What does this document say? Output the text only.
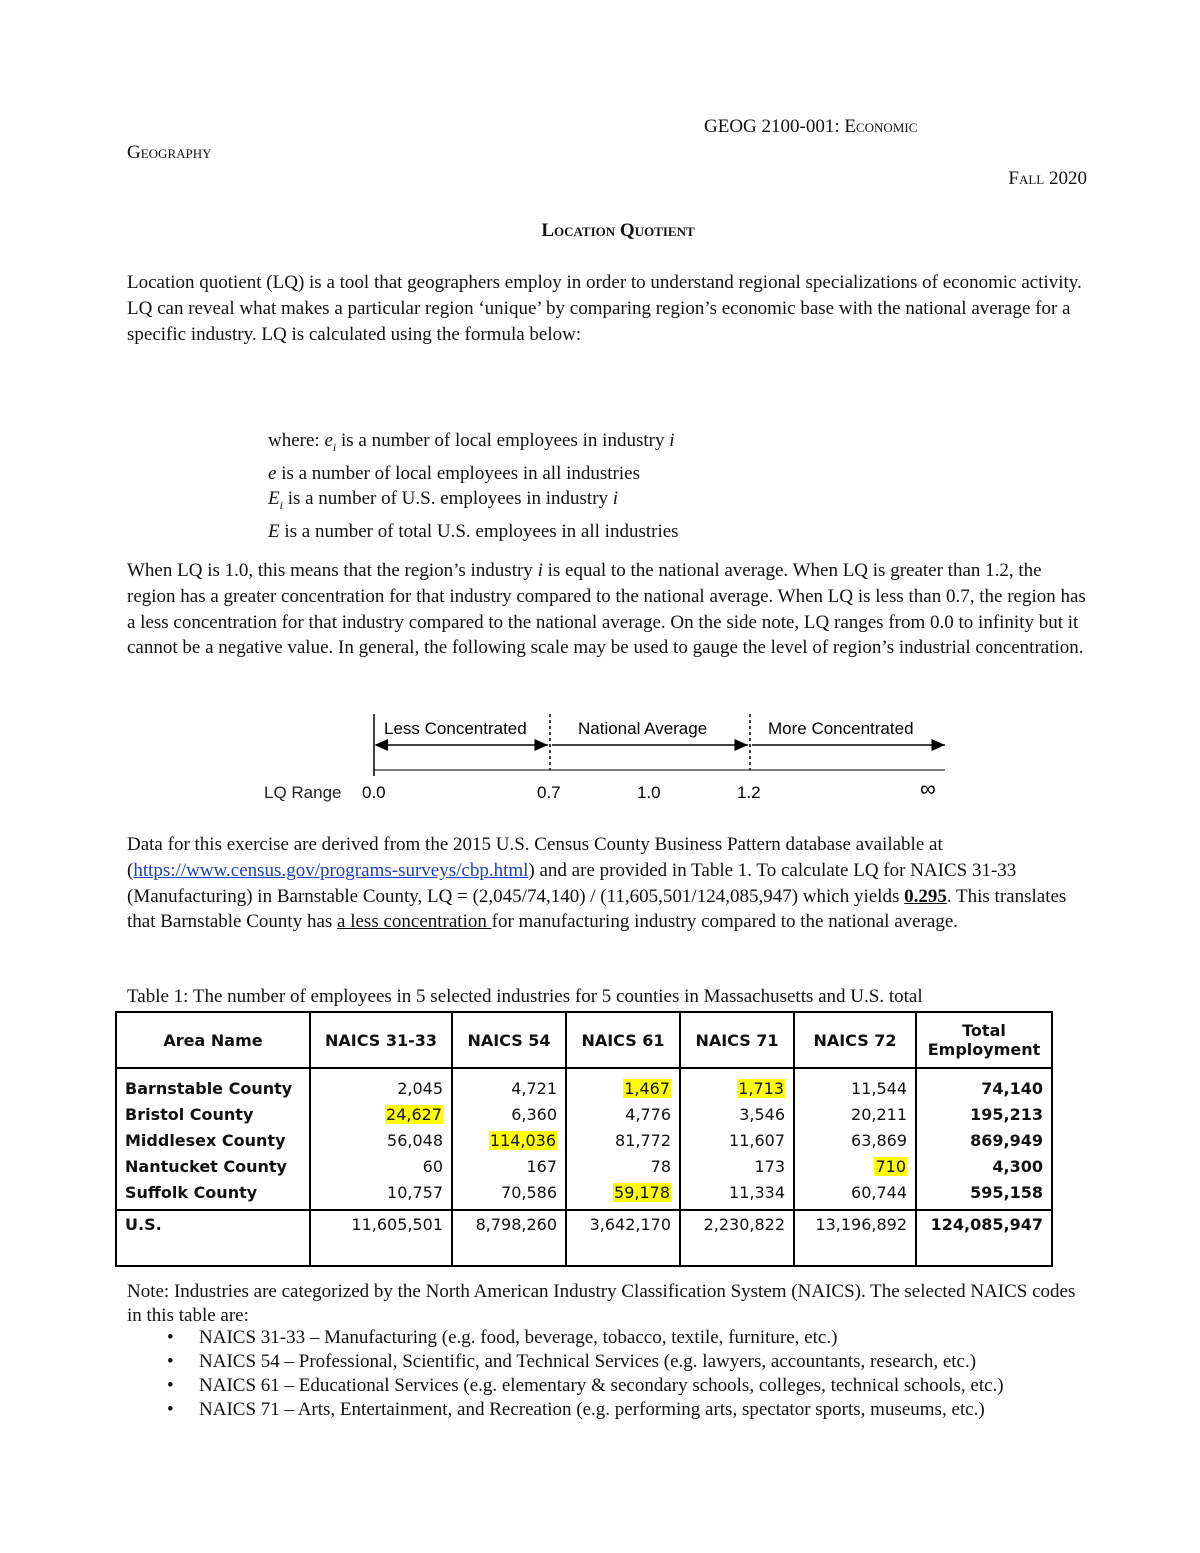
GEOG 2100-001: Economic
Geography
Fall 2020
Location Quotient
Location quotient (LQ) is a tool that geographers employ in order to understand regional specializations of economic activity. LQ can reveal what makes a particular region ‘unique’ by comparing region’s economic base with the national average for a specific industry. LQ is calculated using the formula below:
where: $e_i$ is a number of local employees in industry i
e is a number of local employees in all industries
$E_i$ is a number of U.S. employees in industry i
E is a number of total U.S. employees in all industries
When LQ is 1.0, this means that the region’s industry i is equal to the national average. When LQ is greater than 1.2, the region has a greater concentration for that industry compared to the national average. When LQ is less than 0.7, the region has a less concentration for that industry compared to the national average. On the side note, LQ ranges from 0.0 to infinity but it cannot be a negative value. In general, the following scale may be used to gauge the level of region’s industrial concentration.
Less Concentrated	National Average	More Concentrated
LQ Range 0.0	0.7	1.0	1.2	∞
Data for this exercise are derived from the 2015 U.S. Census County Business Pattern database available at (https://www.census.gov/programs-surveys/cbp.html) and are provided in Table 1. To calculate LQ for NAICS 31-33 (Manufacturing) in Barnstable County, LQ = (2,045/74,140) / (11,605,501/124,085,947) which yields 0.295. This translates that Barnstable County has a less concentration for manufacturing industry compared to the national average.
Table 1: The number of employees in 5 selected industries for 5 counties in Massachusetts and U.S. total
Area Name	NAICS 31-33	NAICS 54	NAICS 61	NAICS 71	NAICS 72	Total Employment
Barnstable County	2,045	4,721	1,467	1,713	11,544	74,140
Bristol County	24,627	6,360	4,776	3,546	20,211	195,213
Middlesex County	56,048	114,036	81,772	11,607	63,869	869,949
Nantucket County	60	167	78	173	710	4,300
Suffolk County	10,757	70,586	59,178	11,334	60,744	595,158
U.S.	11,605,501	8,798,260	3,642,170	2,230,822	13,196,892	124,085,947
Note: Industries are categorized by the North American Industry Classification System (NAICS). The selected NAICS codes in this table are:
• NAICS 31-33 – Manufacturing (e.g. food, beverage, tobacco, textile, furniture, etc.)
• NAICS 54 – Professional, Scientific, and Technical Services (e.g. lawyers, accountants, research, etc.)
• NAICS 61 – Educational Services (e.g. elementary & secondary schools, colleges, technical schools, etc.)
• NAICS 71 – Arts, Entertainment, and Recreation (e.g. performing arts, spectator sports, museums, etc.)
